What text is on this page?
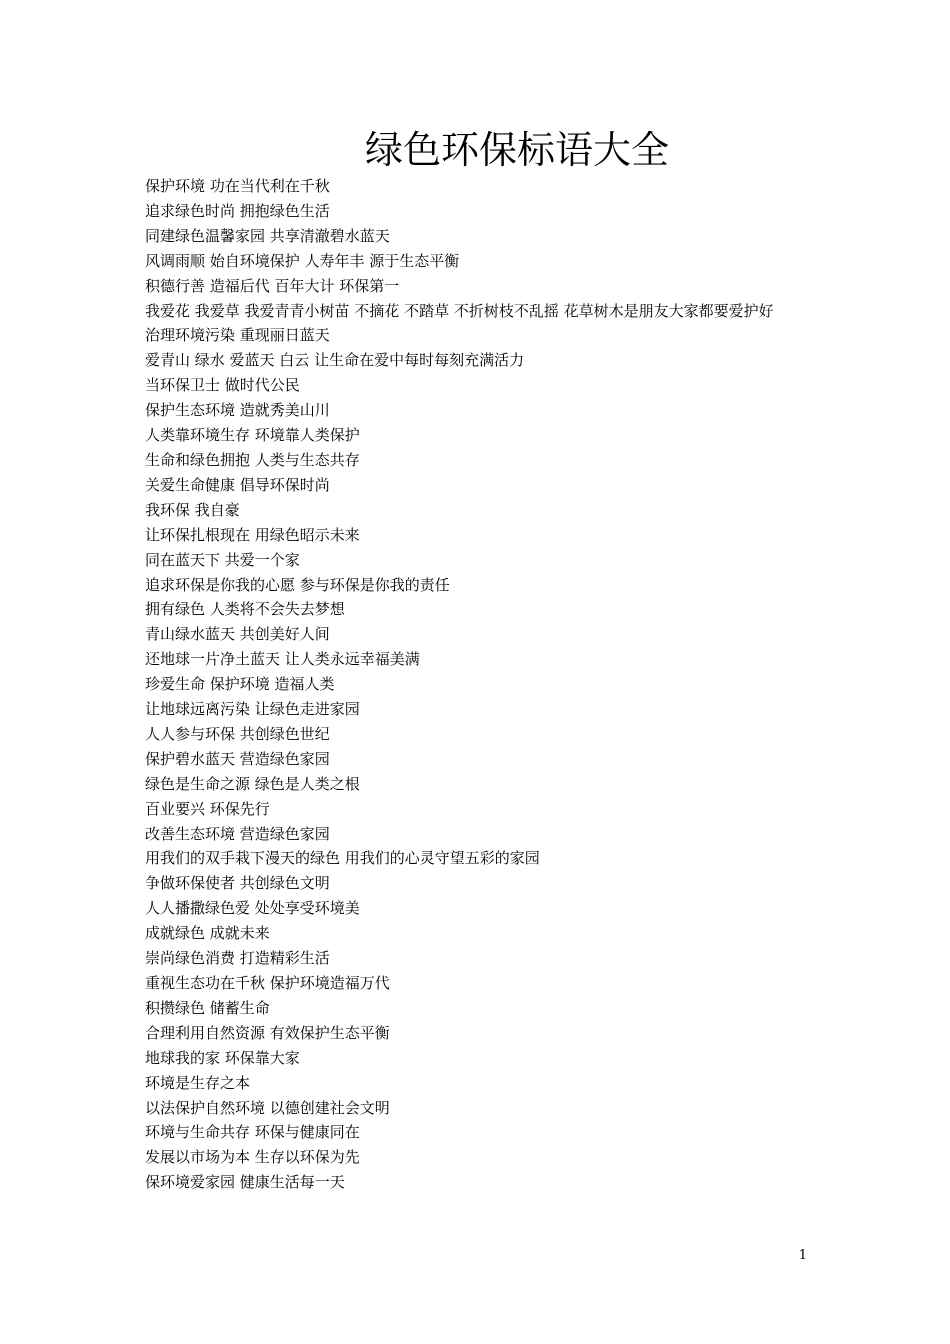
绿色环保标语大全
保护环境 功在当代利在千秋
追求绿色时尚 拥抱绿色生活
同建绿色温馨家园 共享清澈碧水蓝天
风调雨顺 始自环境保护 人寿年丰 源于生态平衡
积德行善 造福后代 百年大计 环保第一
我爱花 我爱草 我爱青青小树苗 不摘花 不踏草 不折树枝不乱摇 花草树木是朋友大家都要爱护好
治理环境污染 重现丽日蓝天
爱青山 绿水 爱蓝天 白云 让生命在爱中每时每刻充满活力
当环保卫士 做时代公民
保护生态环境 造就秀美山川
人类靠环境生存 环境靠人类保护
生命和绿色拥抱 人类与生态共存
关爱生命健康 倡导环保时尚
我环保 我自豪
让环保扎根现在 用绿色昭示未来
同在蓝天下 共爱一个家
追求环保是你我的心愿 参与环保是你我的责任
拥有绿色 人类将不会失去梦想
青山绿水蓝天 共创美好人间
还地球一片净土蓝天 让人类永远幸福美满
珍爱生命 保护环境 造福人类
让地球远离污染 让绿色走进家园
人人参与环保 共创绿色世纪
保护碧水蓝天 营造绿色家园
绿色是生命之源 绿色是人类之根
百业要兴 环保先行
改善生态环境 营造绿色家园
用我们的双手栽下漫天的绿色 用我们的心灵守望五彩的家园
争做环保使者 共创绿色文明
人人播撒绿色爱 处处享受环境美
成就绿色 成就未来
崇尚绿色消费 打造精彩生活
重视生态功在千秋 保护环境造福万代
积攒绿色 储蓄生命
合理利用自然资源 有效保护生态平衡
地球我的家 环保靠大家
环境是生存之本
以法保护自然环境 以德创建社会文明
环境与生命共存 环保与健康同在
发展以市场为本 生存以环保为先
保环境爱家园 健康生活每一天
1
